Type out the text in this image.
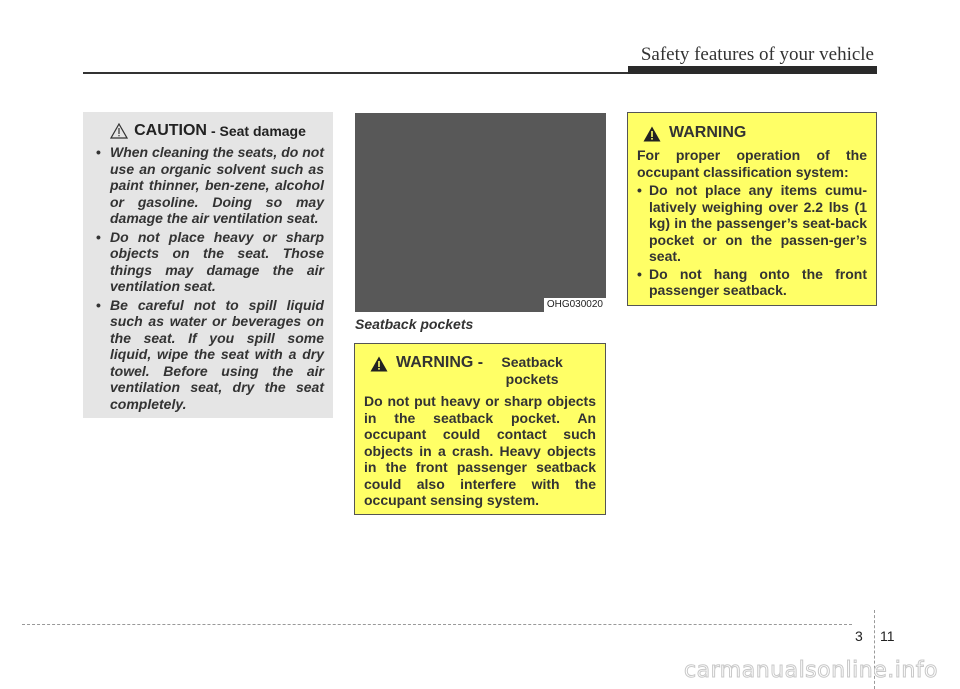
Safety features of your vehicle
CAUTION - Seat damage
• When cleaning the seats, do not use an organic solvent such as paint thinner, ben-zene, alcohol or gasoline. Doing so may damage the air ventilation seat.
• Do not place heavy or sharp objects on the seat. Those things may damage the air ventilation seat.
• Be careful not to spill liquid such as water or beverages on the seat. If you spill some liquid, wipe the seat with a dry towel. Before using the air ventilation seat, dry the seat completely.
OHG030020
Seatback pockets
WARNING -	Seatback pockets
Do not put heavy or sharp objects in the seatback pocket. An occupant could contact such objects in a crash. Heavy objects in the front passenger seatback could also interfere with the occupant sensing system.
WARNING
For proper operation of the occupant classification system:
• Do not place any items cumu-latively weighing over 2.2 lbs (1 kg) in the passenger’s seat-back pocket or on the passen-ger’s seat.
• Do not hang onto the front passenger seatback.
3 11
carmanualsonline.info
